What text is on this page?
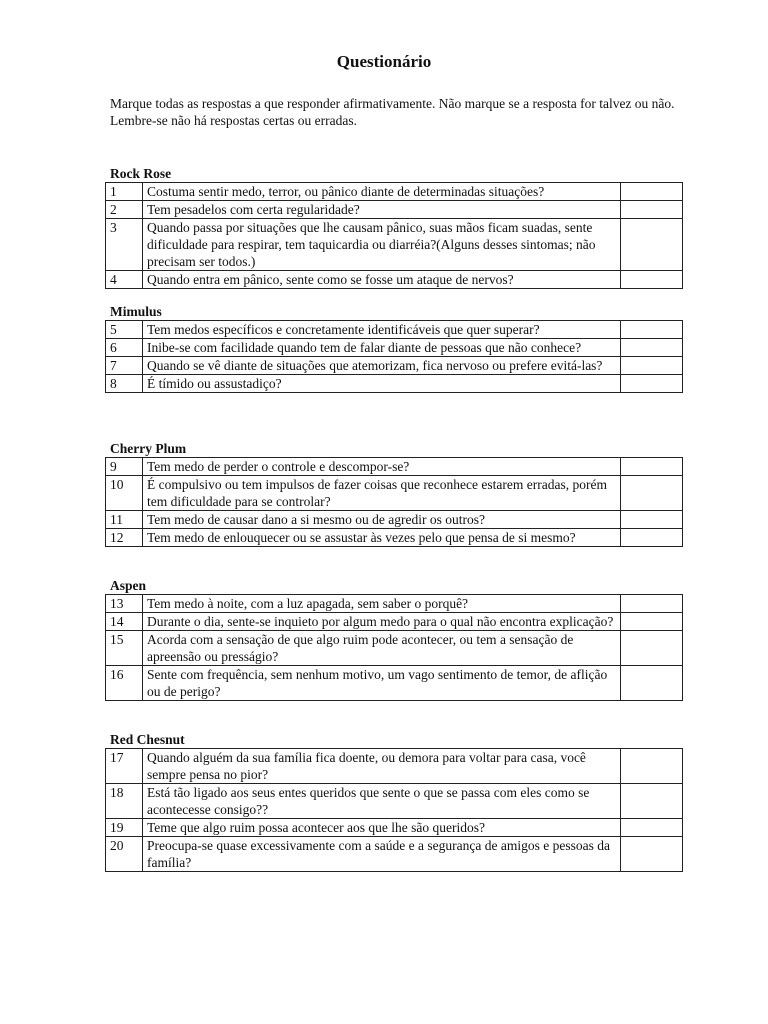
Questionário

Marque todas as respostas a que responder afirmativamente. Não marque se a resposta for talvez ou não.

Lembre-se não há respostas certas ou erradas.

Rock Rose
1	Costuma sentir medo, terror, ou pânico diante de determinadas situações?	
2	Tem pesadelos com certa regularidade?	
3	Quando passa por situações que lhe causam pânico, suas mãos ficam suadas, sente dificuldade para respirar, tem taquicardia ou diarréia?(Alguns desses sintomas; não precisam ser todos.)	
4	Quando entra em pânico, sente como se fosse um ataque de nervos?	
Mimulus
5	Tem medos específicos e concretamente identificáveis que quer superar?	
6	Inibe-se com facilidade quando tem de falar diante de pessoas que não conhece?	
7	Quando se vê diante de situações que atemorizam, fica nervoso ou prefere evitá-las?	
8	É tímido ou assustadiço?	
Cherry Plum
9	Tem medo de perder o controle e descompor-se?	
10	É compulsivo ou tem impulsos de fazer coisas que reconhece estarem erradas, porém tem dificuldade para se controlar?	
11	Tem medo de causar dano a si mesmo ou de agredir os outros?	
12	Tem medo de enlouquecer ou se assustar às vezes pelo que pensa de si mesmo?	
Aspen
13	Tem medo à noite, com a luz apagada, sem saber o porquê?	
14	Durante o dia, sente-se inquieto por algum medo para o qual não encontra explicação?	
15	Acorda com a sensação de que algo ruim pode acontecer, ou tem a sensação de apreensão ou presságio?	
16	Sente com frequência, sem nenhum motivo, um vago sentimento de temor, de aflição ou de perigo?	
Red Chesnut
17	Quando alguém da sua família fica doente, ou demora para voltar para casa, você sempre pensa no pior?	
18	Está tão ligado aos seus entes queridos que sente o que se passa com eles como se acontecesse consigo??	
19	Teme que algo ruim possa acontecer aos que lhe são queridos?	
20	Preocupa-se quase excessivamente com a saúde e a segurança de amigos e pessoas da família?	
